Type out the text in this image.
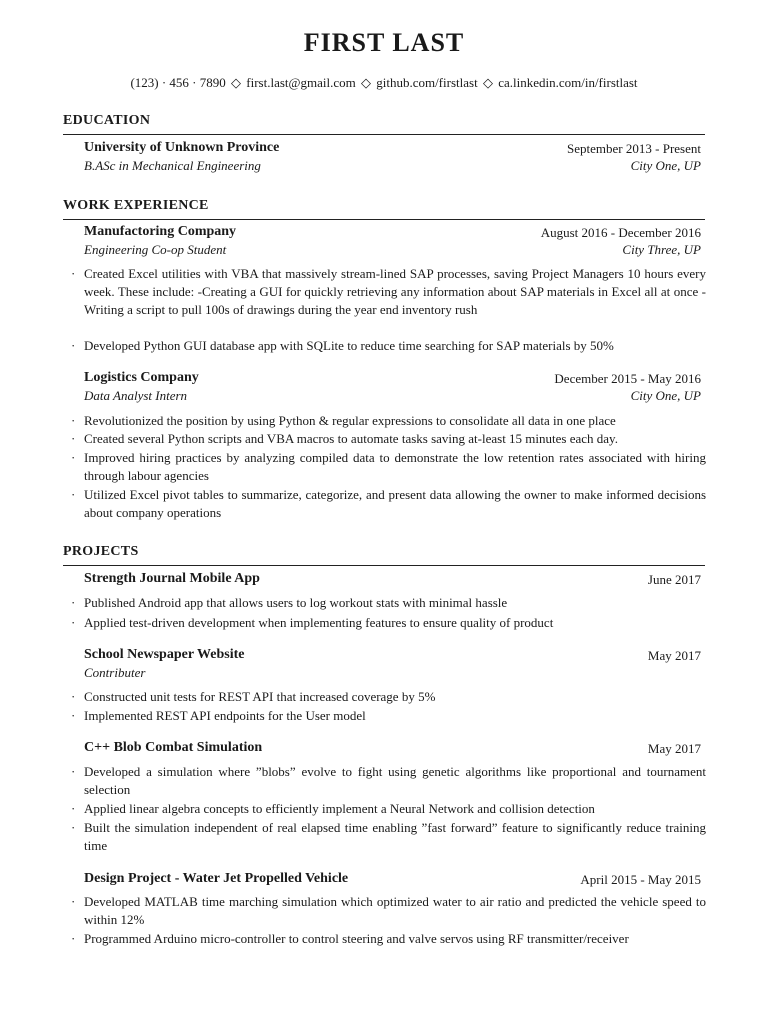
FIRST LAST
(123) · 456 · 7890 ◇ first.last@gmail.com ◇ github.com/firstlast ◇ ca.linkedin.com/in/firstlast
EDUCATION
University of Unknown Province	September 2013 - Present
B.ASc in Mechanical Engineering	City One, UP
WORK EXPERIENCE
Manufactoring Company	August 2016 - December 2016
Engineering Co-op Student	City Three, UP
· Created Excel utilities with VBA that massively stream-lined SAP processes, saving Project Managers 10 hours every week. These include: -Creating a GUI for quickly retrieving any information about SAP materials in Excel all at once -Writing a script to pull 100s of drawings during the year end inventory rush
· Developed Python GUI database app with SQLite to reduce time searching for SAP materials by 50%
Logistics Company	December 2015 - May 2016
Data Analyst Intern	City One, UP
· Revolutionized the position by using Python & regular expressions to consolidate all data in one place
· Created several Python scripts and VBA macros to automate tasks saving at-least 15 minutes each day.
· Improved hiring practices by analyzing compiled data to demonstrate the low retention rates associated with hiring through labour agencies
· Utilized Excel pivot tables to summarize, categorize, and present data allowing the owner to make informed decisions about company operations
PROJECTS
Strength Journal Mobile App	June 2017
· Published Android app that allows users to log workout stats with minimal hassle
· Applied test-driven development when implementing features to ensure quality of product
School Newspaper Website	May 2017
Contributer
· Constructed unit tests for REST API that increased coverage by 5%
· Implemented REST API endpoints for the User model
C++ Blob Combat Simulation	May 2017
· Developed a simulation where ”blobs” evolve to fight using genetic algorithms like proportional and tournament selection
· Applied linear algebra concepts to efficiently implement a Neural Network and collision detection
· Built the simulation independent of real elapsed time enabling ”fast forward” feature to significantly reduce training time
Design Project - Water Jet Propelled Vehicle	April 2015 - May 2015
· Developed MATLAB time marching simulation which optimized water to air ratio and predicted the vehicle speed to within 12%
· Programmed Arduino micro-controller to control steering and valve servos using RF transmitter/receiver
